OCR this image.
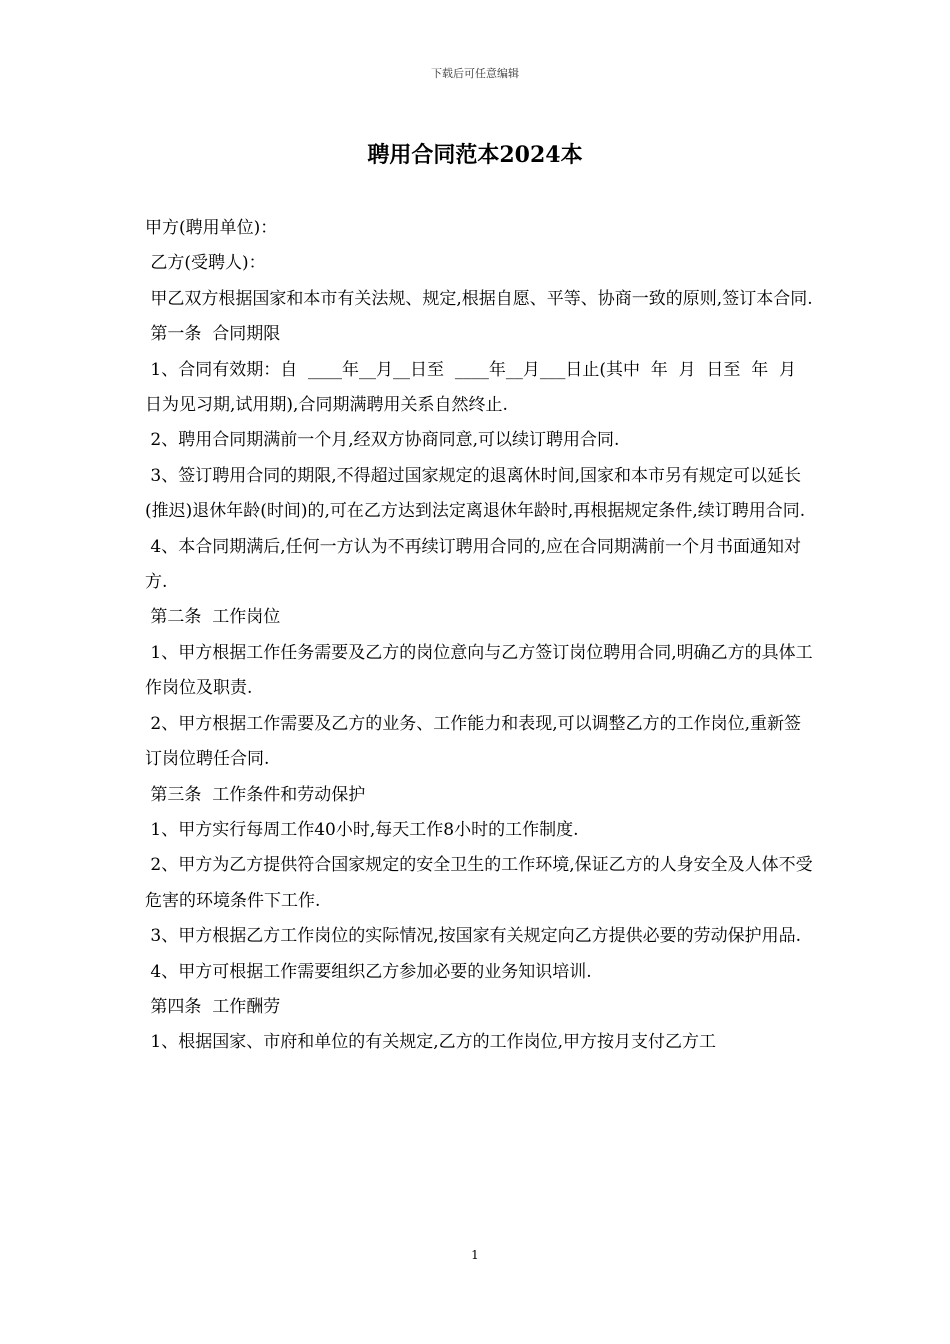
下载后可任意编辑
聘用合同范本2024本

甲方(聘用单位)：

乙方(受聘人)：

甲乙双方根据国家和本市有关法规、规定,根据自愿、平等、协商一致的原则,签订本合同.

第一条  合同期限

1、合同有效期：自  ____年__月__日至  ____年__月___日止(其中  年  月  日至  年  月

日为见习期,试用期),合同期满聘用关系自然终止.

2、聘用合同期满前一个月,经双方协商同意,可以续订聘用合同.

3、签订聘用合同的期限,不得超过国家规定的退离休时间,国家和本市另有规定可以延长(推迟)退休年龄(时间)的,可在乙方达到法定离退休年龄时,再根据规定条件,续订聘用合同.

4、本合同期满后,任何一方认为不再续订聘用合同的,应在合同期满前一个月书面通知对方.

第二条  工作岗位

1、甲方根据工作任务需要及乙方的岗位意向与乙方签订岗位聘用合同,明确乙方的具体工作岗位及职责.

2、甲方根据工作需要及乙方的业务、工作能力和表现,可以调整乙方的工作岗位,重新签订岗位聘任合同.

第三条  工作条件和劳动保护

1、甲方实行每周工作40小时,每天工作8小时的工作制度.

2、甲方为乙方提供符合国家规定的安全卫生的工作环境,保证乙方的人身安全及人体不受危害的环境条件下工作.

3、甲方根据乙方工作岗位的实际情况,按国家有关规定向乙方提供必要的劳动保护用品.

4、甲方可根据工作需要组织乙方参加必要的业务知识培训.

第四条  工作酬劳

1、根据国家、市府和单位的有关规定,乙方的工作岗位,甲方按月支付乙方工

1
